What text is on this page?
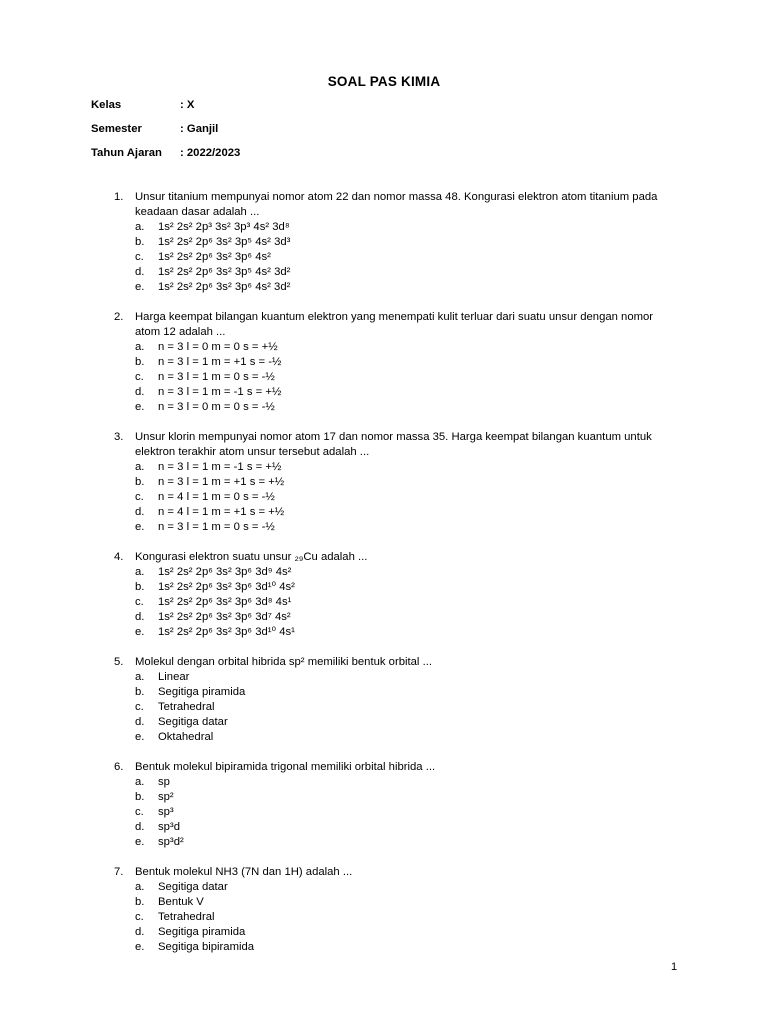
SOAL PAS KIMIA
Kelas	: X
Semester	: Ganjil
Tahun Ajaran : 2022/2023
1. Unsur titanium mempunyai nomor atom 22 dan nomor massa 48. Kongurasi elektron atom titanium pada keadaan dasar adalah ...
a. 1s² 2s² 2p³ 3s² 3p³ 4s² 3d⁸
b. 1s² 2s² 2p⁶ 3s² 3p⁵ 4s² 3d³
c. 1s² 2s² 2p⁶ 3s² 3p⁶ 4s²
d. 1s² 2s² 2p⁶ 3s² 3p⁵ 4s² 3d²
e. 1s² 2s² 2p⁶ 3s² 3p⁶ 4s² 3d²
2. Harga keempat bilangan kuantum elektron yang menempati kulit terluar dari suatu unsur dengan nomor atom 12 adalah ...
a. n = 3 l = 0 m = 0 s = +½
b. n = 3 l = 1 m = +1 s = -½
c. n = 3 l = 1 m = 0 s = -½
d. n = 3 l = 1 m = -1 s = +½
e. n = 3 l = 0 m = 0 s = -½
3. Unsur klorin mempunyai nomor atom 17 dan nomor massa 35. Harga keempat bilangan kuantum untuk elektron terakhir atom unsur tersebut adalah ...
a. n = 3 l = 1 m = -1 s = +½
b. n = 3 l = 1 m = +1 s = +½
c. n = 4 l = 1 m = 0 s = -½
d. n = 4 l = 1 m = +1 s = +½
e. n = 3 l = 1 m = 0 s = -½
4. Kongurasi elektron suatu unsur ₂₉Cu adalah ...
a. 1s² 2s² 2p⁶ 3s² 3p⁶ 3d⁹ 4s²
b. 1s² 2s² 2p⁶ 3s² 3p⁶ 3d¹⁰ 4s²
c. 1s² 2s² 2p⁶ 3s² 3p⁶ 3d⁸ 4s¹
d. 1s² 2s² 2p⁶ 3s² 3p⁶ 3d⁷ 4s²
e. 1s² 2s² 2p⁶ 3s² 3p⁶ 3d¹⁰ 4s¹
5. Molekul dengan orbital hibrida sp² memiliki bentuk orbital ...
a. Linear
b. Segitiga piramida
c. Tetrahedral
d. Segitiga datar
e. Oktahedral
6. Bentuk molekul bipiramida trigonal memiliki orbital hibrida ...
a. sp
b. sp²
c. sp³
d. sp³d
e. sp³d²
7. Bentuk molekul NH3 (7N dan 1H) adalah ...
a. Segitiga datar
b. Bentuk V
c. Tetrahedral
d. Segitiga piramida
e. Segitiga bipiramida
1
